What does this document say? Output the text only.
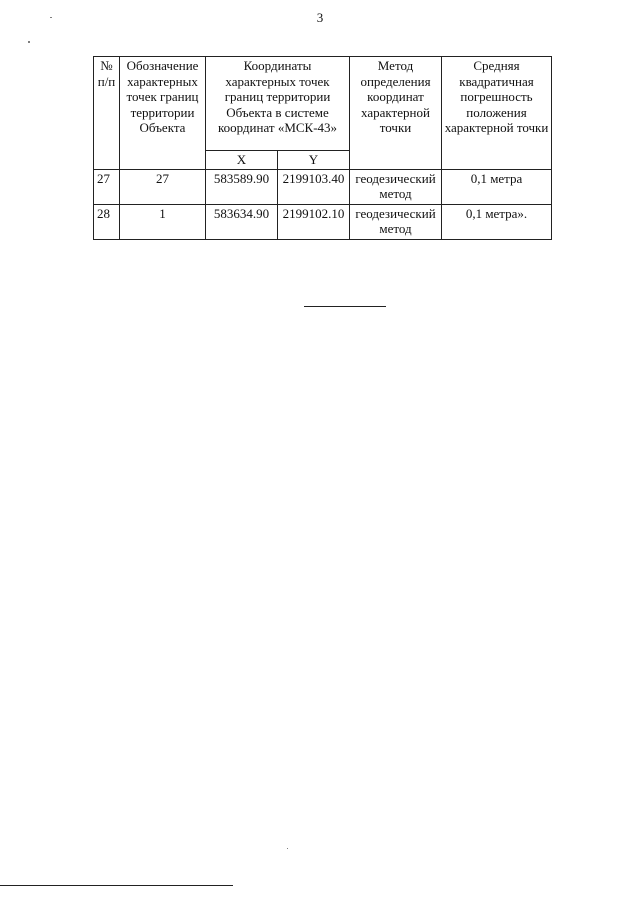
3
№ п/п	Обозначение характерных точек границ территории Объекта	Координаты характерных точек границ территории Объекта в системе координат «МСК-43»		Метод определения координат характерной точки	Средняя квадратичная погрешность положения характерной точки
		X	Y		
27	27	583589.90	2199103.40	геодезический метод	0,1 метра
28	1	583634.90	2199102.10	геодезический метод	0,1 метра».
